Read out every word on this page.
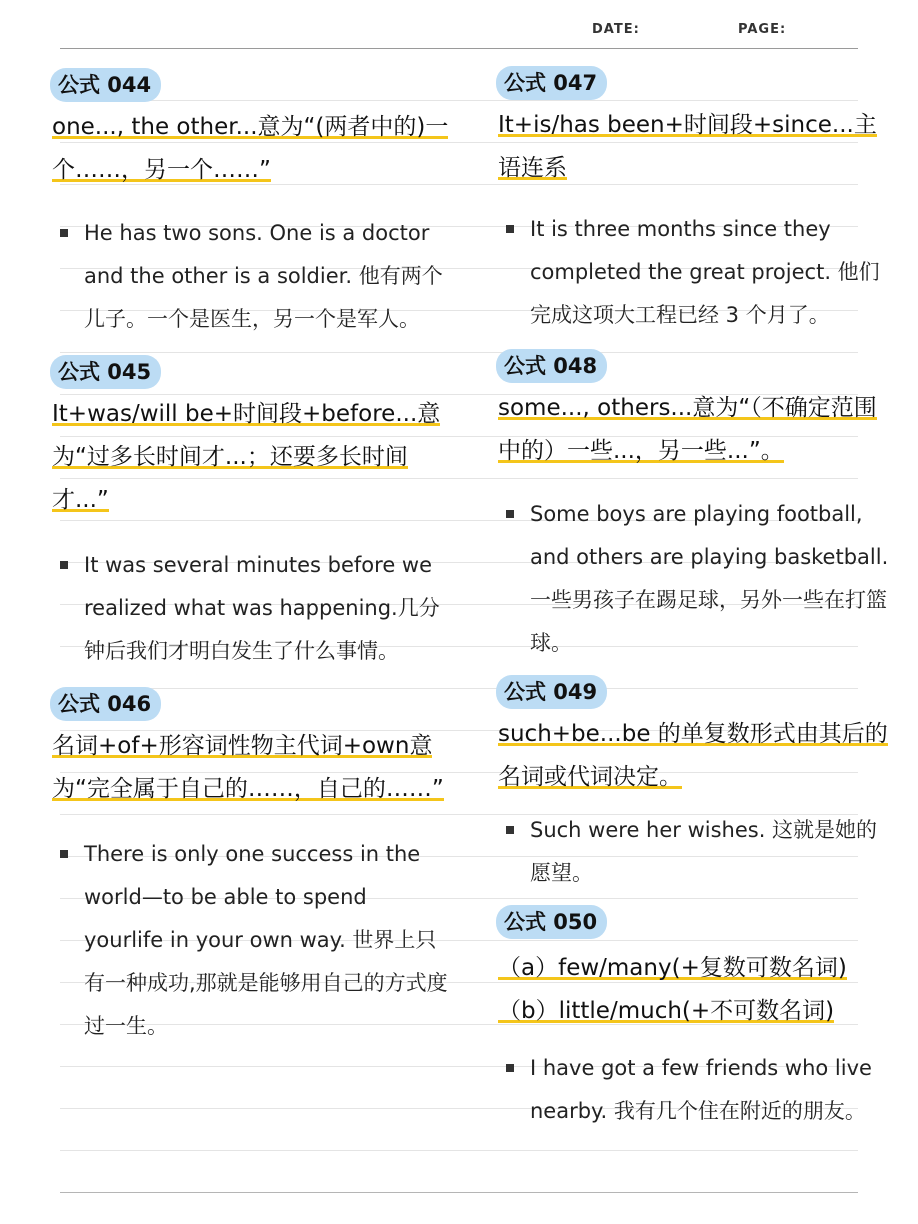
DATE:	PAGE:
公式 044
one..., the other...意为“(两者中的)一个……，另一个……”
He has two sons. One is a doctor and the other is a soldier. 他有两个儿子。一个是医生，另一个是军人。
公式 045
It+was/will be+时间段+before...意为“过多长时间才...；还要多长时间才...”
It was several minutes before we realized what was happening.几分钟后我们才明白发生了什么事情。
公式 046
名词+of+形容词性物主代词+own意为“完全属于自己的……，自己的……”
There is only one success in the world—to be able to spend yourlife in your own way. 世界上只有一种成功,那就是能够用自己的方式度过一生。
公式 047
It+is/has been+时间段+since...主语连系
It is three months since they completed the great project. 他们完成这项大工程已经 3 个月了。
公式 048
some..., others...意为“（不确定范围中的）一些...，另一些...”。
Some boys are playing football, and others are playing basketball. 一些男孩子在踢足球，另外一些在打篮球。
公式 049
such+be...be 的单复数形式由其后的名词或代词决定。
Such were her wishes. 这就是她的愿望。
公式 050
（a）few/many(+复数可数名词)
（b）little/much(+不可数名词)
I have got a few friends who live nearby. 我有几个住在附近的朋友。
